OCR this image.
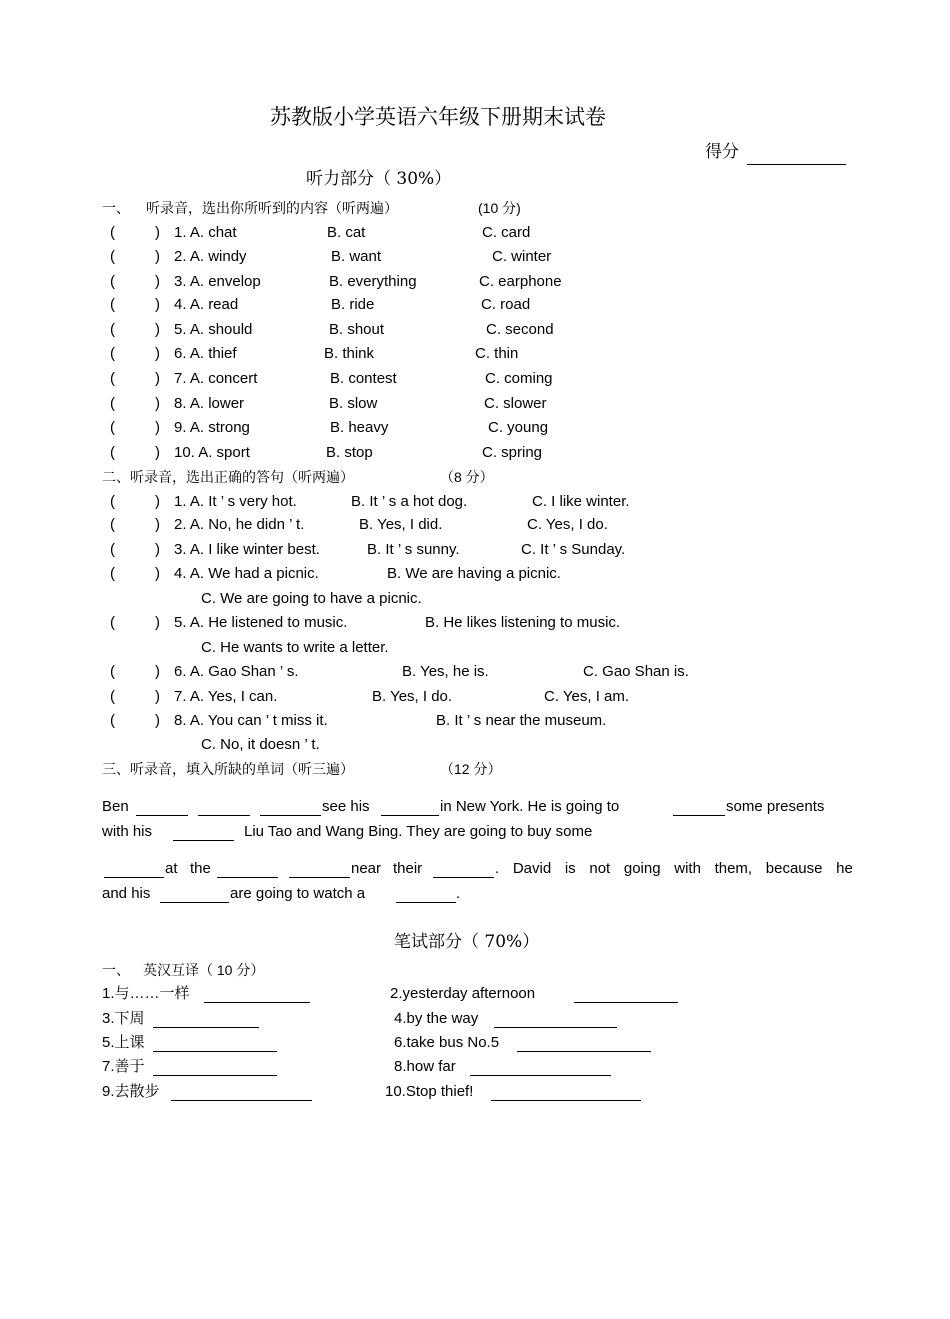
苏教版小学英语六年级下册期末试卷
得分
听力部分（ 30%）
一、 听录音，选出你所听到的内容（听两遍）	(10 分)
(	) 1. A. chat	B. cat	C. card
(	) 2. A. windy	B. want	C. winter
(	) 3. A. envelop	B. everything	C. earphone
(	) 4. A. read	B. ride	C. road
(	) 5. A. should	B. shout	C. second
(	) 6. A. thief	B. think	C. thin
(	) 7. A. concert	B. contest	C. coming
(	) 8. A. lower	B. slow	C. slower
(	) 9. A. strong	B. heavy	C. young
(	) 10. A. sport	B. stop	C. spring
二、听录音，选出正确的答句（听两遍）	（8 分）
(	) 1. A. It ’ s very hot.	B. It ’ s a hot dog.	C. I like winter.
(	) 2. A. No, he didn ’ t.	B. Yes, I did.	C. Yes, I do.
(	) 3. A. I like winter best.	B. It ’ s sunny.	C. It ’ s Sunday.
(	) 4. A. We had a picnic.	B. We are having a picnic.
C. We are going to have a picnic.
(	) 5. A. He listened to music.	B. He likes listening to music.
C. He wants to write a letter.
(	) 6. A. Gao Shan ’ s.	B. Yes, he is.	C. Gao Shan is.
(	) 7. A. Yes, I can.	B. Yes, I do.	C. Yes, I am.
(	) 8. A. You can ’ t miss it.	B. It ’ s near the museum.
C. No, it doesn ’ t.
三、听录音，填入所缺的单词（听三遍）	（12 分）
Ben	see his	in New York. He is going to	some presents
with his	Liu Tao and Wang Bing. They are going to buy some
at the	near their	. David is not going with them, because he
and his	are going to watch a	.
笔试部分（ 70%）
一、 英汉互译（ 10 分）
1.与……一样	2.yesterday afternoon
3.下周	4.by the way
5.上课	6.take bus No.5
7.善于	8.how far
9.去散步	10.Stop thief!
